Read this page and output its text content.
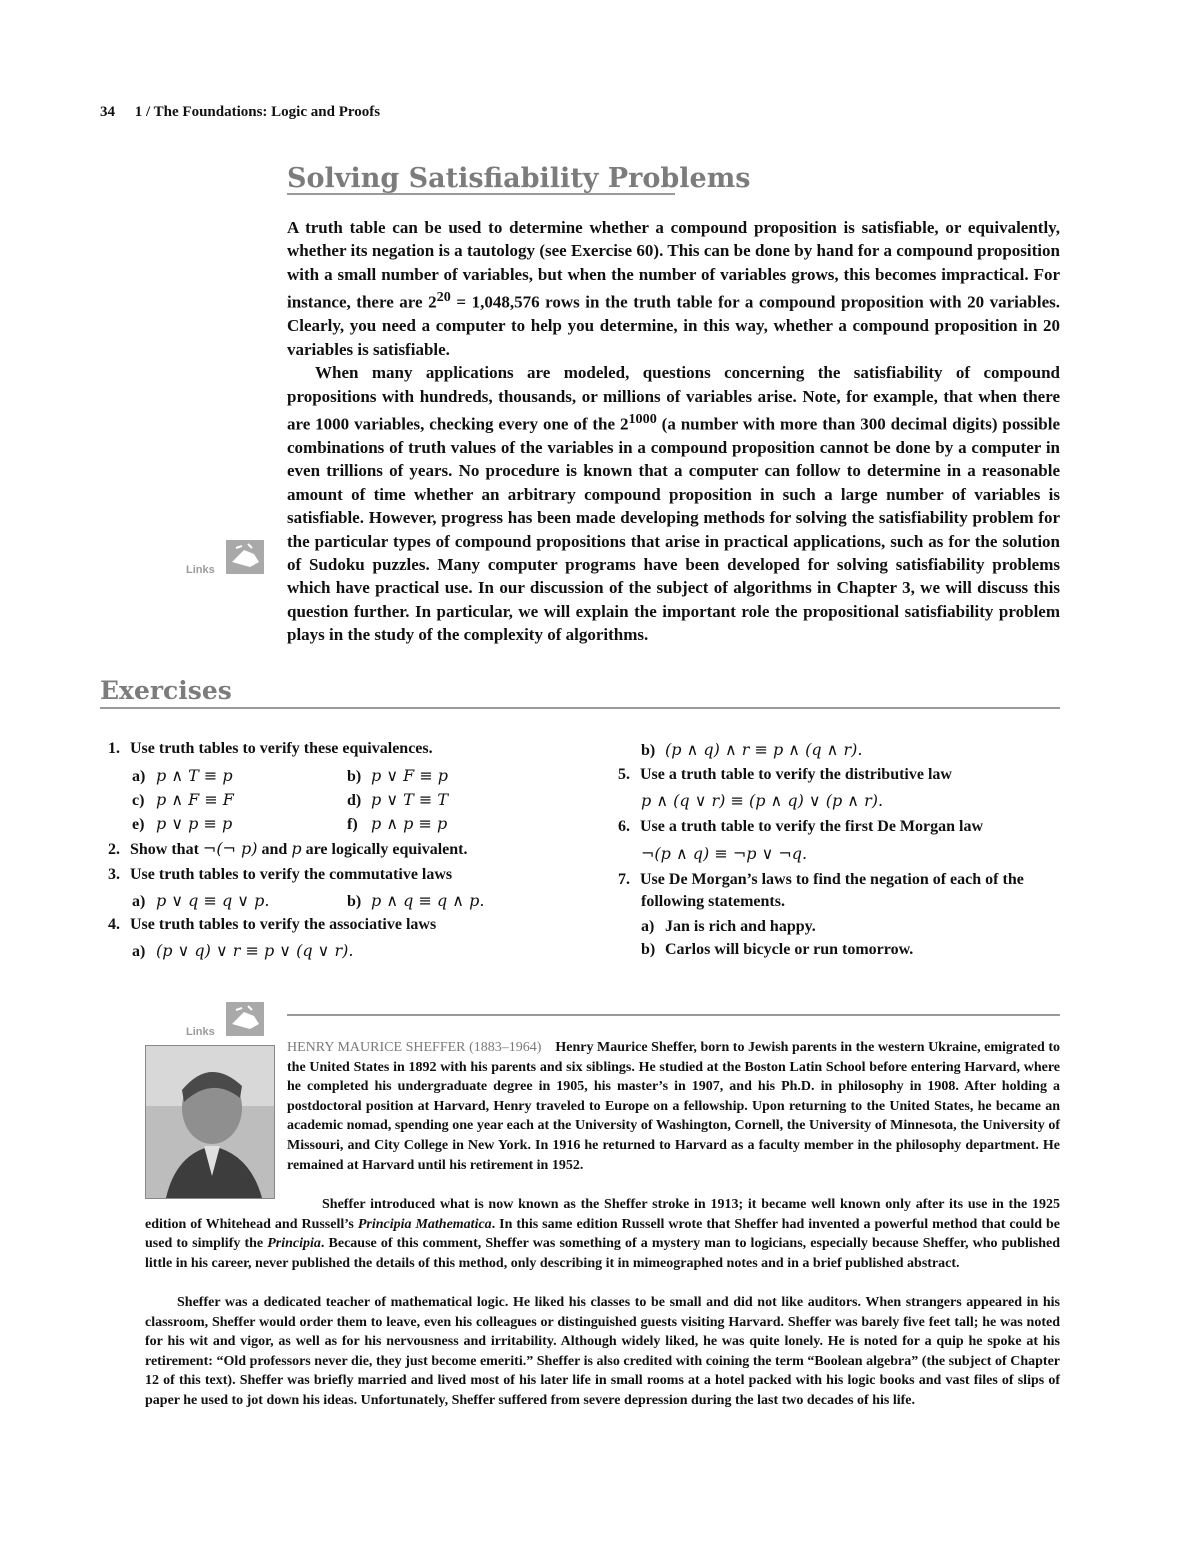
34 1 / The Foundations: Logic and Proofs
Solving Satisfiability Problems

A truth table can be used to determine whether a compound proposition is satisfiable, or equivalently, whether its negation is a tautology (see Exercise 60). This can be done by hand for a compound proposition with a small number of variables, but when the number of variables grows, this becomes impractical. For instance, there are $2^{20} = 1,048,576$ rows in the truth table for a compound proposition with 20 variables. Clearly, you need a computer to help you determine, in this way, whether a compound proposition in 20 variables is satisfiable.

When many applications are modeled, questions concerning the satisfiability of compound propositions with hundreds, thousands, or millions of variables arise. Note, for example, that when there are 1000 variables, checking every one of the $2^{1000}$ (a number with more than 300 decimal digits) possible combinations of truth values of the variables in a compound proposition cannot be done by a computer in even trillions of years. No procedure is known that a computer can follow to determine in a reasonable amount of time whether an arbitrary compound proposition in such a large number of variables is satisfiable. However, progress has been made developing methods for solving the satisfiability problem for the particular types of compound propositions that arise in practical applications, such as for the solution of Sudoku puzzles. Many computer programs have been developed for solving satisfiability problems which have practical use. In our discussion of the subject of algorithms in Chapter 3, we will discuss this question further. In particular, we will explain the important role the propositional satisfiability problem plays in the study of the complexity of algorithms.

Links
Exercises
1. Use truth tables to verify these equivalences.
a) p ∧ T ≡ p	b) p ∨ F ≡ p
c) p ∧ F ≡ F	d) p ∨ T ≡ T
e) p ∨ p ≡ p	f) p ∧ p ≡ p
2. Show that ¬(¬ p) and p are logically equivalent.
3. Use truth tables to verify the commutative laws
a) p ∨ q ≡ q ∨ p.	b) p ∧ q ≡ q ∧ p.
4. Use truth tables to verify the associative laws
a) (p ∨ q) ∨ r ≡ p ∨ (q ∨ r).
b) (p ∧ q) ∧ r ≡ p ∧ (q ∧ r).
5. Use a truth table to verify the distributive law
p ∧ (q ∨ r) ≡ (p ∧ q) ∨ (p ∧ r).
6. Use a truth table to verify the first De Morgan law
¬(p ∧ q) ≡ ¬p ∨ ¬q.
7. Use De Morgan’s laws to find the negation of each of the
following statements.
a) Jan is rich and happy.
b) Carlos will bicycle or run tomorrow.
Links
HENRY MAURICE SHEFFER (1883–1964) Henry Maurice Sheffer, born to Jewish parents in the western Ukraine, emigrated to the United States in 1892 with his parents and six siblings. He studied at the Boston Latin School before entering Harvard, where he completed his undergraduate degree in 1905, his master’s in 1907, and his Ph.D. in philosophy in 1908. After holding a postdoctoral position at Harvard, Henry traveled to Europe on a fellowship. Upon returning to the United States, he became an academic nomad, spending one year each at the University of Washington, Cornell, the University of Minnesota, the University of Missouri, and City College in New York. In 1916 he returned to Harvard as a faculty member in the philosophy department. He remained at Harvard until his retirement in 1952.
Sheffer introduced what is now known as the Sheffer stroke in 1913; it became well known only after its use in the 1925 edition of Whitehead and Russell’s Principia Mathematica. In this same edition Russell wrote that Sheffer had invented a powerful method that could be used to simplify the Principia. Because of this comment, Sheffer was something of a mystery man to logicians, especially because Sheffer, who published little in his career, never published the details of this method, only describing it in mimeographed notes and in a brief published abstract.
Sheffer was a dedicated teacher of mathematical logic. He liked his classes to be small and did not like auditors. When strangers appeared in his classroom, Sheffer would order them to leave, even his colleagues or distinguished guests visiting Harvard. Sheffer was barely five feet tall; he was noted for his wit and vigor, as well as for his nervousness and irritability. Although widely liked, he was quite lonely. He is noted for a quip he spoke at his retirement: “Old professors never die, they just become emeriti.” Sheffer is also credited with coining the term “Boolean algebra” (the subject of Chapter 12 of this text). Sheffer was briefly married and lived most of his later life in small rooms at a hotel packed with his logic books and vast files of slips of paper he used to jot down his ideas. Unfortunately, Sheffer suffered from severe depression during the last two decades of his life.
